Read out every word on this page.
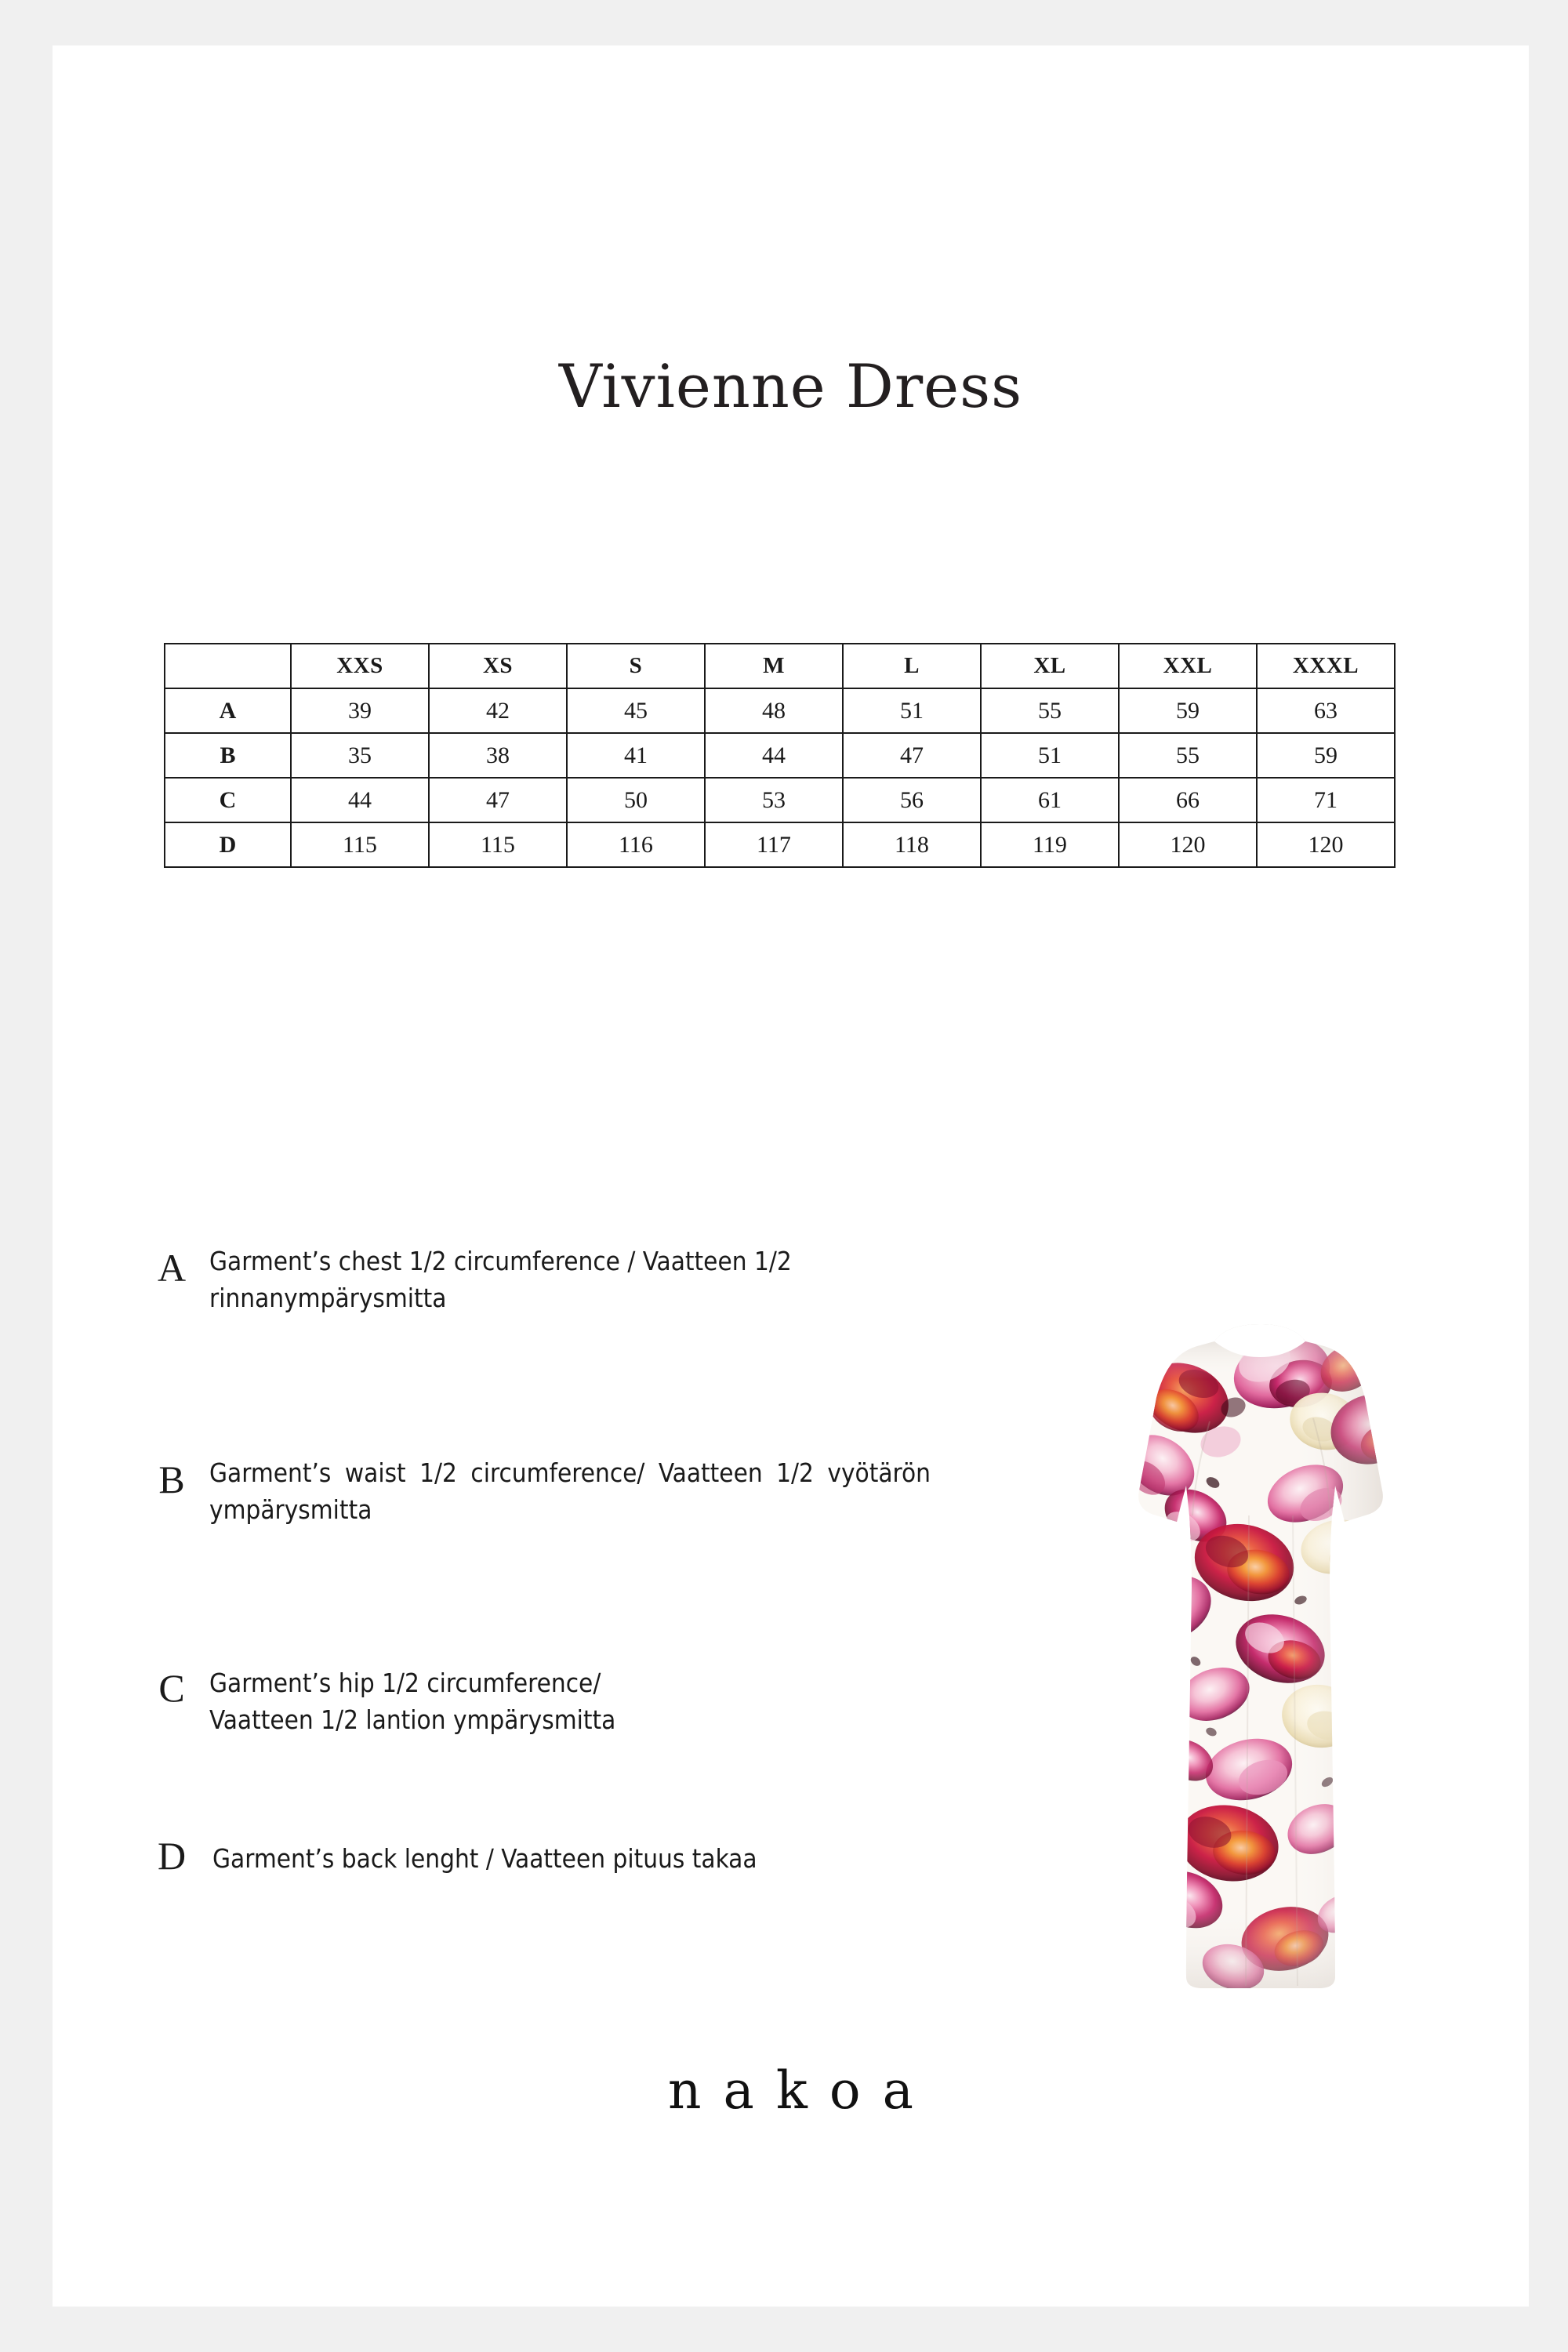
Vivienne Dress
	XXS	XS	S	M	L	XL	XXL	XXXL
A	39	42	45	48	51	55	59	63
B	35	38	41	44	47	51	55	59
C	44	47	50	53	56	61	66	71
D	115	115	116	117	118	119	120	120
A Garment’s chest 1/2 circumference / Vaatteen 1/2 rinnanympärysmitta
B Garment’s waist 1/2 circumference/ Vaatteen 1/2 vyötärön ympärysmitta
C Garment’s hip 1/2 circumference/
Vaatteen 1/2 lantion ympärysmitta
D	Garment’s back lenght / Vaatteen pituus takaa
nakoa
